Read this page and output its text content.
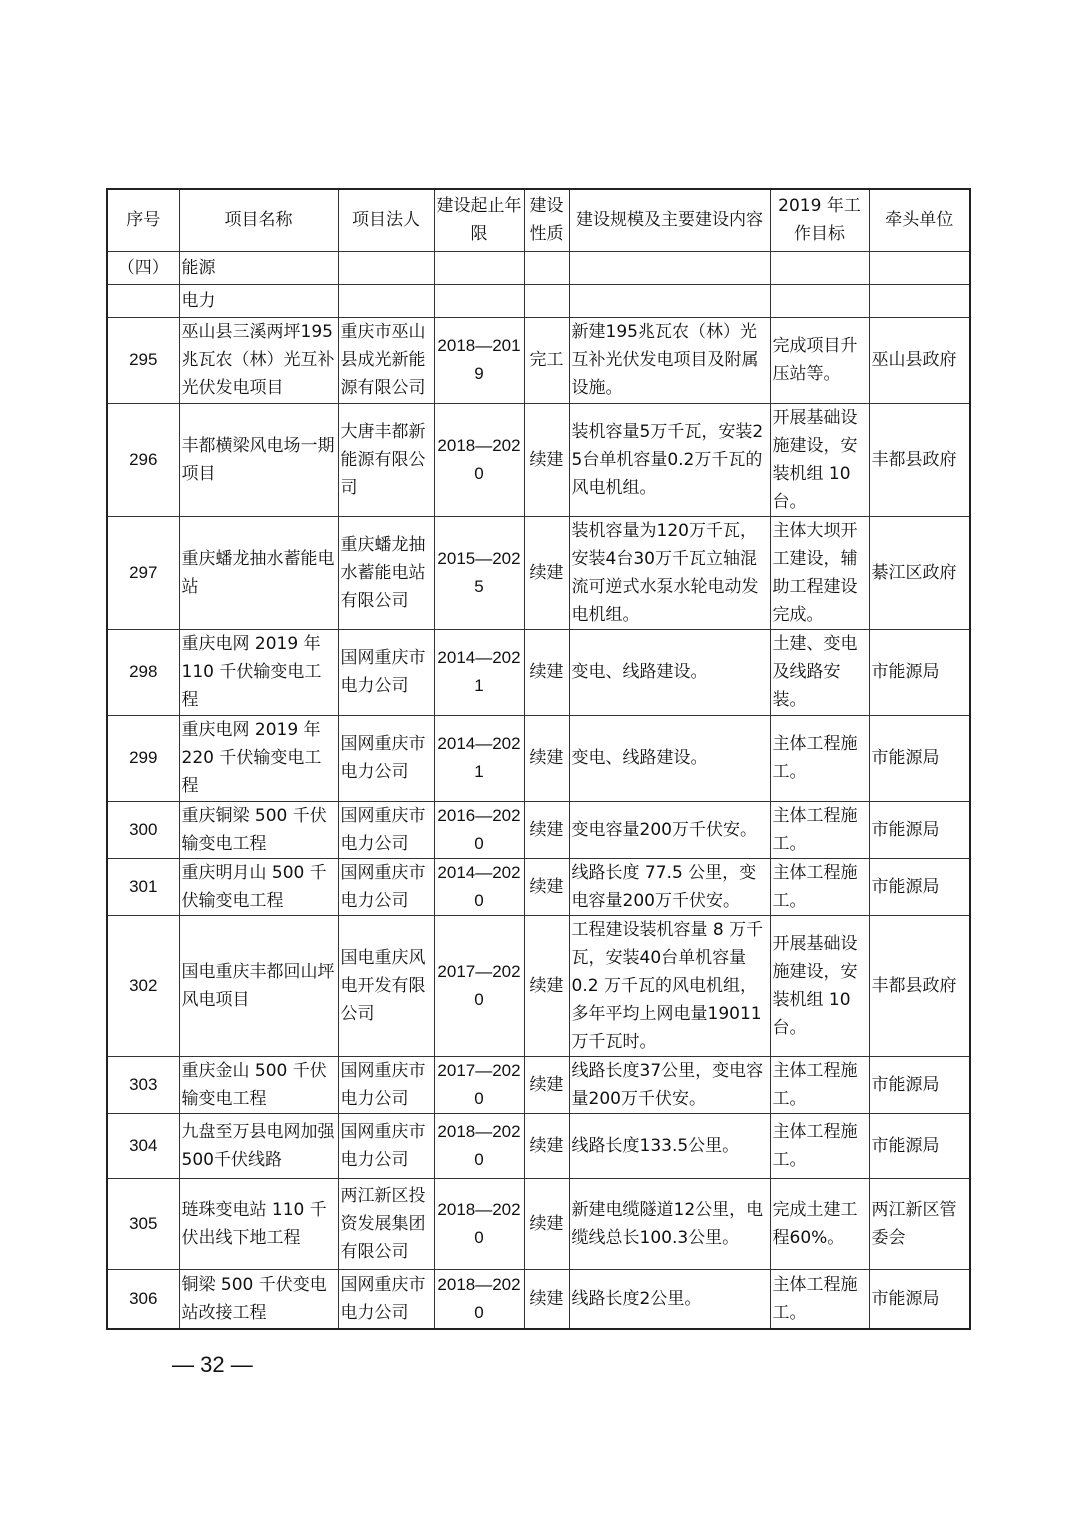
序号	项目名称	项目法人	建设起止年限	建设性质	建设规模及主要建设内容	2019 年工作目标	牵头单位
（四）	能源						
	电力						
295	巫山县三溪两坪195兆瓦农（林）光互补光伏发电项目	重庆市巫山县成光新能源有限公司	2018—2019	完工	新建195兆瓦农（林）光互补光伏发电项目及附属设施。	完成项目升压站等。	巫山县政府
296	丰都横梁风电场一期项目	大唐丰都新能源有限公司	2018—2020	续建	装机容量5万千瓦，安装25台单机容量0.2万千瓦的风电机组。	开展基础设施建设，安装机组 10台。	丰都县政府
297	重庆蟠龙抽水蓄能电站	重庆蟠龙抽水蓄能电站有限公司	2015—2025	续建	装机容量为120万千瓦，安装4台30万千瓦立轴混流可逆式水泵水轮电动发电机组。	主体大坝开工建设，辅助工程建设完成。	綦江区政府
298	重庆电网 2019 年 110 千伏输变电工程	国网重庆市电力公司	2014—2021	续建	变电、线路建设。	土建、变电及线路安装。	市能源局
299	重庆电网 2019 年 220 千伏输变电工程	国网重庆市电力公司	2014—2021	续建	变电、线路建设。	主体工程施工。	市能源局
300	重庆铜梁 500 千伏输变电工程	国网重庆市电力公司	2016—2020	续建	变电容量200万千伏安。	主体工程施工。	市能源局
301	重庆明月山 500 千伏输变电工程	国网重庆市电力公司	2014—2020	续建	线路长度 77.5 公里，变电容量200万千伏安。	主体工程施工。	市能源局
302	国电重庆丰都回山坪风电项目	国电重庆风电开发有限公司	2017—2020	续建	工程建设装机容量 8 万千瓦，安装40台单机容量 0.2 万千瓦的风电机组，多年平均上网电量19011万千瓦时。	开展基础设施建设，安装机组 10台。	丰都县政府
303	重庆金山 500 千伏输变电工程	国网重庆市电力公司	2017—2020	续建	线路长度37公里，变电容量200万千伏安。	主体工程施工。	市能源局
304	九盘至万县电网加强500千伏线路	国网重庆市电力公司	2018—2020	续建	线路长度133.5公里。	主体工程施工。	市能源局
305	琏珠变电站 110 千伏出线下地工程	两江新区投资发展集团有限公司	2018—2020	续建	新建电缆隧道12公里，电缆线总长100.3公里。	完成土建工程60%。	两江新区管委会
306	铜梁 500 千伏变电站改接工程	国网重庆市电力公司	2018—2020	续建	线路长度2公里。	主体工程施工。	市能源局
— 32 —
